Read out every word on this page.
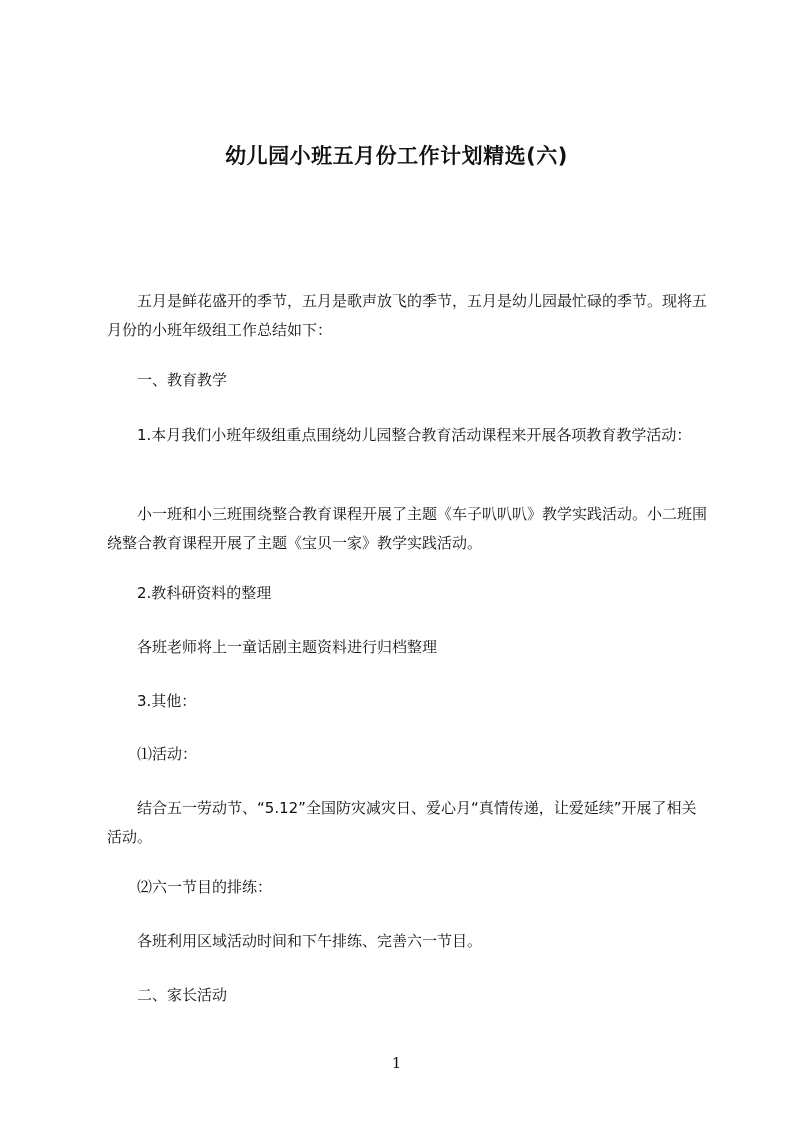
幼儿园小班五月份工作计划精选(六)

五月是鲜花盛开的季节，五月是歌声放飞的季节，五月是幼儿园最忙碌的季节。现将五月份的小班年级组工作总结如下：

一、教育教学

1.本月我们小班年级组重点围绕幼儿园整合教育活动课程来开展各项教育教学活动：

小一班和小三班围绕整合教育课程开展了主题《车子叭叭叭》教学实践活动。小二班围绕整合教育课程开展了主题《宝贝一家》教学实践活动。

2.教科研资料的整理

各班老师将上一童话剧主题资料进行归档整理

3.其他：

⑴活动：

结合五一劳动节、“5.12”全国防灾减灾日、爱心月“真情传递，让爱延续”开展了相关活动。

⑵六一节目的排练：

各班利用区域活动时间和下午排练、完善六一节目。

二、家长活动

1
